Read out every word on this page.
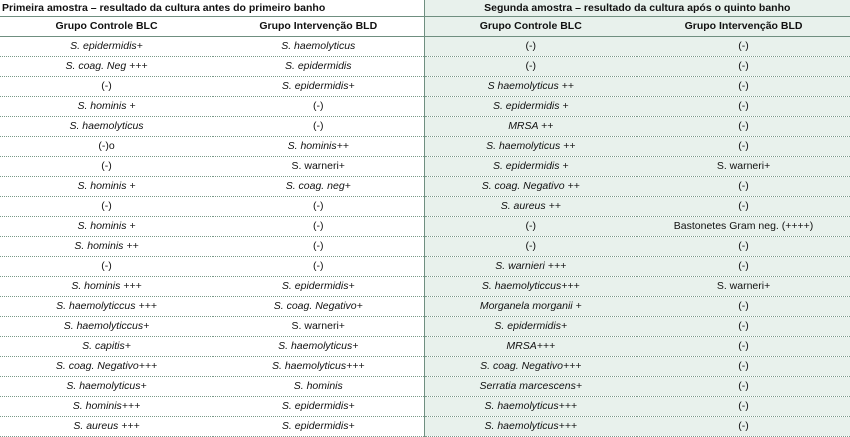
Primeira amostra – resultado da cultura antes do primeiro banho		Segunda amostra – resultado da cultura após o quinto banho	
Grupo Controle BLC	Grupo Intervenção BLD	Grupo Controle BLC	Grupo Intervenção BLD
S. epidermidis+	S. haemolyticus	(-)	(-)
S. coag. Neg +++	S. epidermidis	(-)	(-)
(-)	S. epidermidis+	S haemolyticus ++	(-)
S. hominis +	(-)	S. epidermidis +	(-)
S. haemolyticus	(-)	MRSA ++	(-)
(-)o	S. hominis++	S. haemolyticus ++	(-)
(-)	S. warneri+	S. epidermidis +	S. warneri+
S. hominis +	S. coag. neg+	S. coag. Negativo ++	(-)
(-)	(-)	S. aureus ++	(-)
S. hominis +	(-)	(-)	Bastonetes Gram neg. (++++)
S. hominis ++	(-)	(-)	(-)
(-)	(-)	S. warnieri +++	(-)
S. hominis +++	S. epidermidis+	S. haemolyticcus+++	S. warneri+
S. haemolyticcus +++	S. coag. Negativo+	Morganela morganii +	(-)
S. haemolyticcus+	S. warneri+	S. epidermidis+	(-)
S. capitis+	S. haemolyticus+	MRSA+++	(-)
S. coag. Negativo+++	S. haemolyticus+++	S. coag. Negativo+++	(-)
S. haemolyticus+	S. hominis	Serratia marcescens+	(-)
S. hominis+++	S. epidermidis+	S. haemolyticus+++	(-)
S. aureus +++	S. epidermidis+	S. haemolyticus+++	(-)
